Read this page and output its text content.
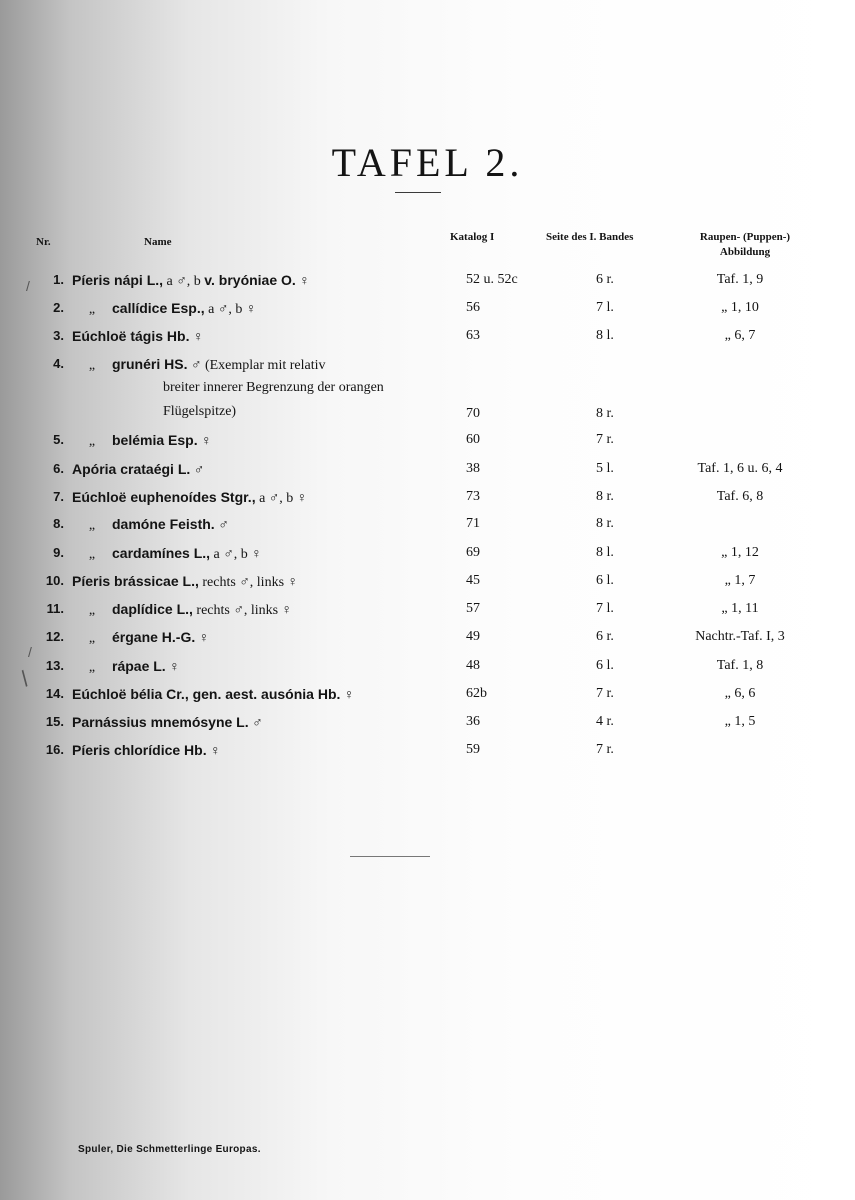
TAFEL 2.
Nr.	Name	Katalog I	Seite des I. Bandes	Raupen- (Puppen-)
Abbildung
1. Píeris nápi L., a ♂, b v. bryóniae O. ♀	52 u. 52c	6 r.	Taf. 1, 9
2.	„ callídice Esp., a ♂, b ♀	56	7 l.	„ 1, 10
3. Eúchloë tágis Hb. ♀	63	8 l.	„ 6, 7
4.	„ grunéri HS. ♂ (Exemplar mit relativ
breiter innerer Begrenzung der orangen
Flügelspitze)	70	8 r.
5.	„ belémia Esp. ♀	60	7 r.
6. Apória crataégi L. ♂	38	5 l.	Taf. 1, 6 u. 6, 4
7. Eúchloë euphenoídes Stgr., a ♂, b ♀	73	8 r.	Taf. 6, 8
8.	„ damóne Feisth. ♂	71	8 r.
9.	„ cardamínes L., a ♂, b ♀	69	8 l.	„ 1, 12
10. Píeris brássicae L., rechts ♂, links ♀	45	6 l.	„ 1, 7
11.	„ daplídice L., rechts ♂, links ♀	57	7 l.	„ 1, 11
12.	„ érgane H.-G. ♀	49	6 r.	Nachtr.-Taf. I, 3
13.	„ rápae L. ♀	48	6 l.	Taf. 1, 8
14. Eúchloë bélia Cr., gen. aest. ausónia Hb. ♀	62b	7 r.	„ 6, 6
15. Parnássius mnemósyne L. ♂	36	4 r.	„ 1, 5
16. Píeris chlorídice Hb. ♀	59	7 r.
/
/
/
Spuler, Die Schmetterlinge Europas.
